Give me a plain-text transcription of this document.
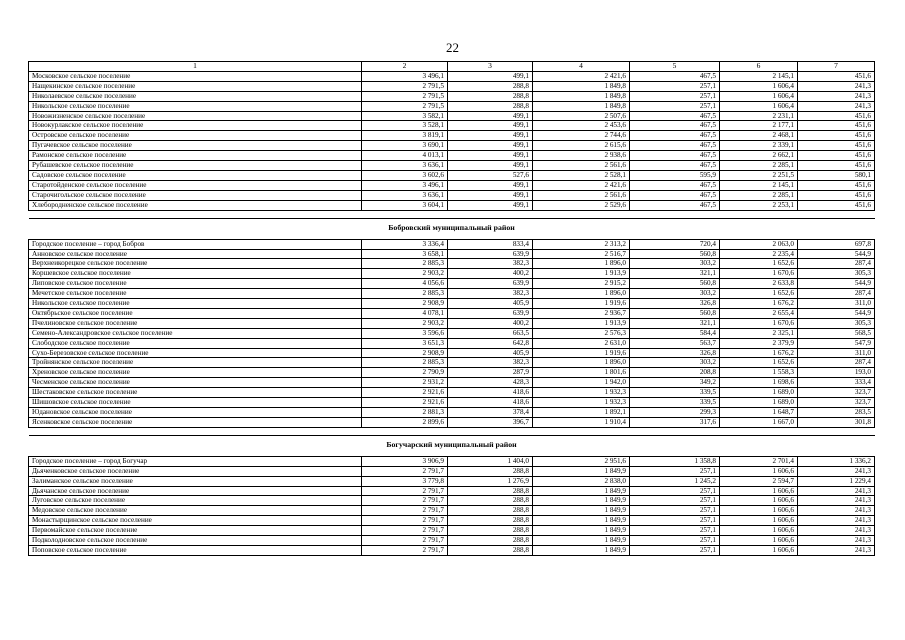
22
1	2	3	4	5	6	7
Московское сельское поселение	3 496,1	499,1	2 421,6	467,5	2 145,1	451,6
Нащекинское сельское поселение	2 791,5	288,8	1 849,8	257,1	1 606,4	241,3
Николаевское сельское поселение	2 791,5	288,8	1 849,8	257,1	1 606,4	241,3
Никольское сельское поселение	2 791,5	288,8	1 849,8	257,1	1 606,4	241,3
Новожизненское сельское поселение	3 582,1	499,1	2 507,6	467,5	2 231,1	451,6
Новокурлакское сельское поселение	3 528,1	499,1	2 453,6	467,5	2 177,1	451,6
Островское сельское поселение	3 819,1	499,1	2 744,6	467,5	2 468,1	451,6
Пугачевское сельское поселение	3 690,1	499,1	2 615,6	467,5	2 339,1	451,6
Рамонское сельское поселение	4 013,1	499,1	2 938,6	467,5	2 662,1	451,6
Рубашевское сельское поселение	3 636,1	499,1	2 561,6	467,5	2 285,1	451,6
Садовское сельское поселение	3 602,6	527,6	2 528,1	595,9	2 251,5	580,1
Старотойденское сельское поселение	3 496,1	499,1	2 421,6	467,5	2 145,1	451,6
Старочигольское сельское поселение	3 636,1	499,1	2 561,6	467,5	2 285,1	451,6
Хлебородненское сельское поселение	3 604,1	499,1	2 529,6	467,5	2 253,1	451,6

Бобровский муниципальный район						
Городское поселение – город Бобров	3 336,4	833,4	2 313,2	720,4	2 063,0	697,8
Анновское сельское поселение	3 658,1	639,9	2 516,7	560,8	2 235,4	544,9
Верхнеикорецкое сельское поселение	2 885,3	382,3	1 896,0	303,2	1 652,6	287,4
Коршевское сельское поселение	2 903,2	400,2	1 913,9	321,1	1 670,6	305,3
Липовское сельское поселение	4 056,6	639,9	2 915,2	560,8	2 633,8	544,9
Мечетское сельское поселение	2 885,3	382,3	1 896,0	303,2	1 652,6	287,4
Никольское сельское поселение	2 908,9	405,9	1 919,6	326,8	1 676,2	311,0
Октябрьское сельское поселение	4 078,1	639,9	2 936,7	560,8	2 655,4	544,9
Пчелиновское сельское поселение	2 903,2	400,2	1 913,9	321,1	1 670,6	305,3
Семено-Александровское сельское поселение	3 596,6	663,5	2 576,3	584,4	2 325,1	568,5
Слободское сельское поселение	3 651,3	642,8	2 631,0	563,7	2 379,9	547,9
Сухо-Березовское сельское поселение	2 908,9	405,9	1 919,6	326,8	1 676,2	311,0
Тройнянское сельское поселение	2 885,3	382,3	1 896,0	303,2	1 652,6	287,4
Хреновское сельское поселение	2 790,9	287,9	1 801,6	208,8	1 558,3	193,0
Чесменское сельское поселение	2 931,2	428,3	1 942,0	349,2	1 698,6	333,4
Шестаковское сельское поселение	2 921,6	418,6	1 932,3	339,5	1 689,0	323,7
Шишовское сельское поселение	2 921,6	418,6	1 932,3	339,5	1 689,0	323,7
Юдановское сельское поселение	2 881,3	378,4	1 892,1	299,3	1 648,7	283,5
Ясенковское сельское поселение	2 899,6	396,7	1 910,4	317,6	1 667,0	301,8

Богучарский муниципальный район						
Городское поселение – город Богучар	3 906,9	1 404,0	2 951,6	1 358,8	2 701,4	1 336,2
Дьяченковское сельское поселение	2 791,7	288,8	1 849,9	257,1	1 606,6	241,3
Залиманское сельское поселение	3 779,8	1 276,9	2 838,0	1 245,2	2 594,7	1 229,4
Дьячанское сельское поселение	2 791,7	288,8	1 849,9	257,1	1 606,6	241,3
Луговское сельское поселение	2 791,7	288,8	1 849,9	257,1	1 606,6	241,3
Медовское сельское поселение	2 791,7	288,8	1 849,9	257,1	1 606,6	241,3
Монастырщинское сельское поселение	2 791,7	288,8	1 849,9	257,1	1 606,6	241,3
Первомайское сельское поселение	2 791,7	288,8	1 849,9	257,1	1 606,6	241,3
Подколодновское сельское поселение	2 791,7	288,8	1 849,9	257,1	1 606,6	241,3
Поповское сельское поселение	2 791,7	288,8	1 849,9	257,1	1 606,6	241,3
